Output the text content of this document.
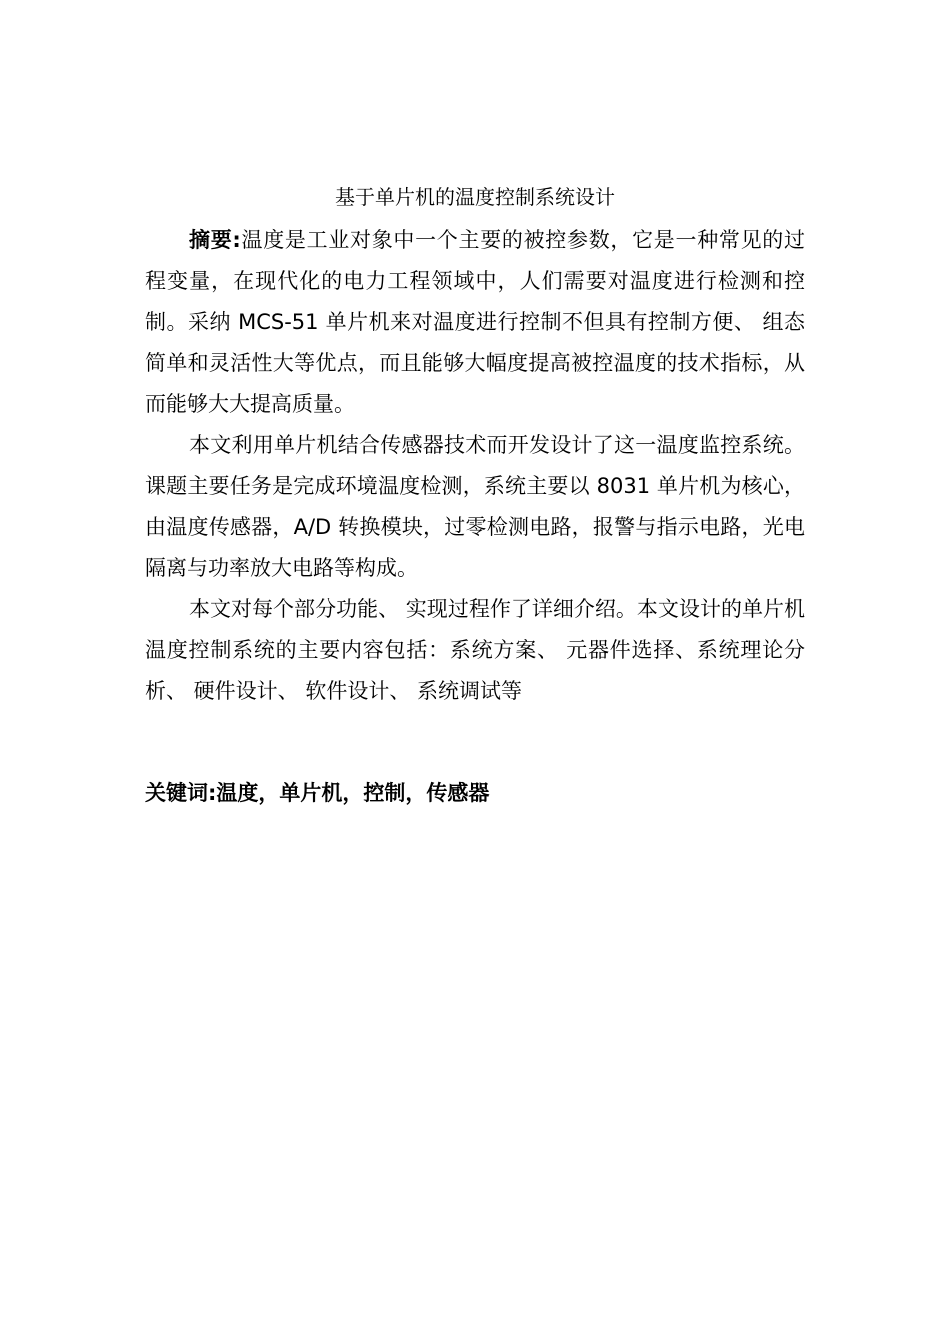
基于单片机的温度控制系统设计

摘要:温度是工业对象中一个主要的被控参数，它是一种常见的过程变量，在现代化的电力工程领域中，人们需要对温度进行检测和控制。采纳 MCS-51 单片机来对温度进行控制不但具有控制方便、 组态简单和灵活性大等优点，而且能够大幅度提高被控温度的技术指标，从而能够大大提高质量。

本文利用单片机结合传感器技术而开发设计了这一温度监控系统。课题主要任务是完成环境温度检测，系统主要以 8031 单片机为核心，由温度传感器，A/D 转换模块，过零检测电路，报警与指示电路，光电隔离与功率放大电路等构成。

本文对每个部分功能、 实现过程作了详细介绍。本文设计的单片机温度控制系统的主要内容包括：系统方案、 元器件选择、系统理论分析、 硬件设计、 软件设计、 系统调试等

关键词:温度，单片机，控制，传感器
